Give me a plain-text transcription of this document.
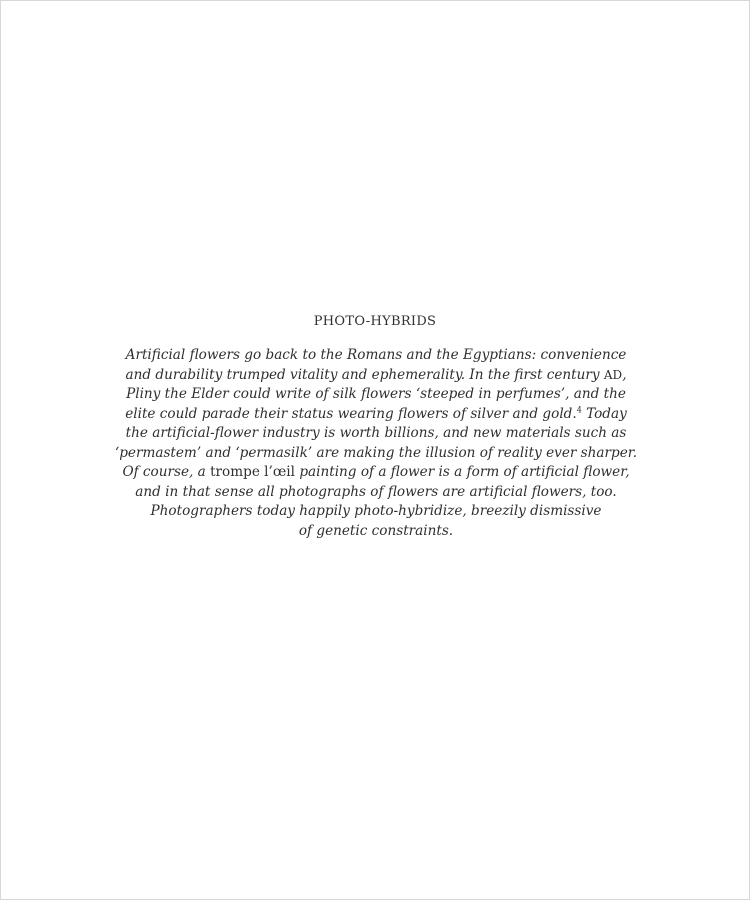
PHOTO-HYBRIDS
Artificial flowers go back to the Romans and the Egyptians: convenience
and durability trumped vitality and ephemerality. In the first century AD,
Pliny the Elder could write of silk flowers ‘steeped in perfumes’, and the
elite could parade their status wearing flowers of silver and gold.$^4$ Today
the artificial-flower industry is worth billions, and new materials such as
‘permastem’ and ‘permasilk’ are making the illusion of reality ever sharper.
Of course, a trompe l’œil painting of a flower is a form of artificial flower,
and in that sense all photographs of flowers are artificial flowers, too.
Photographers today happily photo-hybridize, breezily dismissive
of genetic constraints.
